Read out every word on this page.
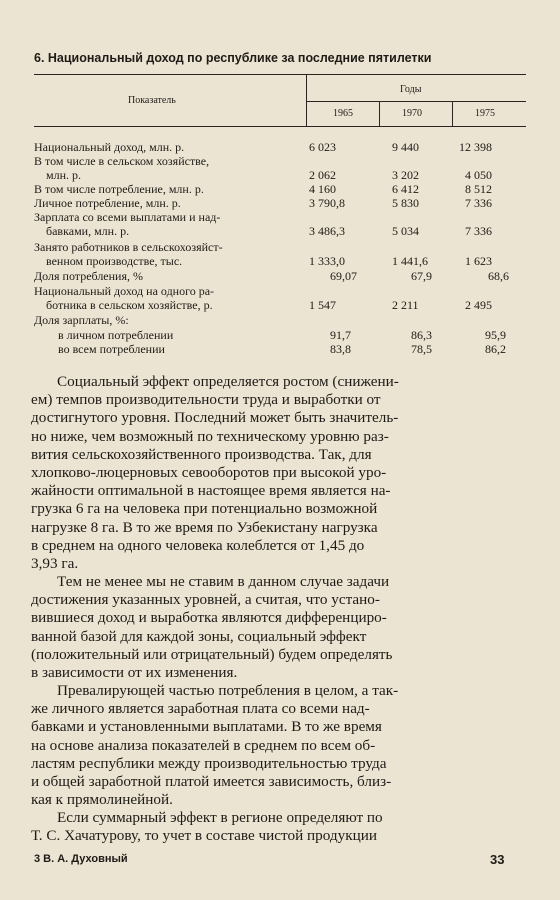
6. Национальный доход по республике за последние пятилетки
Показатель
Годы
1965	1970	1975
Национальный доход, млн. р.	6 023	9 440	12 398
В том числе в сельском хозяйстве,
млн. р.	2 062	3 202	4 050
В том числе потребление, млн. р.	4 160	6 412	8 512
Личное потребление, млн. р.	3 790,8	5 830	7 336
Зарплата со всеми выплатами и над-
бавками, млн. р.	3 486,3	5 034	7 336
Занято работников в сельскохозяйст-
венном производстве, тыс.	1 333,0	1 441,6	1 623
Доля потребления, %	69,07	67,9	68,6
Национальный доход на одного ра-
ботника в сельском хозяйстве, р.	1 547	2 211	2 495
Доля зарплаты, %:
в личном потреблении	91,7	86,3	95,9
во всем потреблении	83,8	78,5	86,2
Социальный эффект определяется ростом (снижени-
ем) темпов производительности труда и выработки от
достигнутого уровня. Последний может быть значитель-
но ниже, чем возможный по техническому уровню раз-
вития сельскохозяйственного производства. Так, для
хлопково-люцерновых севооборотов при высокой уро-
жайности оптимальной в настоящее время является на-
грузка 6 га на человека при потенциально возможной
нагрузке 8 га. В то же время по Узбекистану нагрузка
в среднем на одного человека колеблется от 1,45 до
3,93 га.
Тем не менее мы не ставим в данном случае задачи
достижения указанных уровней, а считая, что устано-
вившиеся доход и выработка являются дифференциро-
ванной базой для каждой зоны, социальный эффект
(положительный или отрицательный) будем определять
в зависимости от их изменения.
Превалирующей частью потребления в целом, а так-
же личного является заработная плата со всеми над-
бавками и установленными выплатами. В то же время
на основе анализа показателей в среднем по всем об-
ластям республики между производительностью труда
и общей заработной платой имеется зависимость, близ-
кая к прямолинейной.
Если суммарный эффект в регионе определяют по
Т. С. Хачатурову, то учет в составе чистой продукции
3 В. А. Духовный	33
